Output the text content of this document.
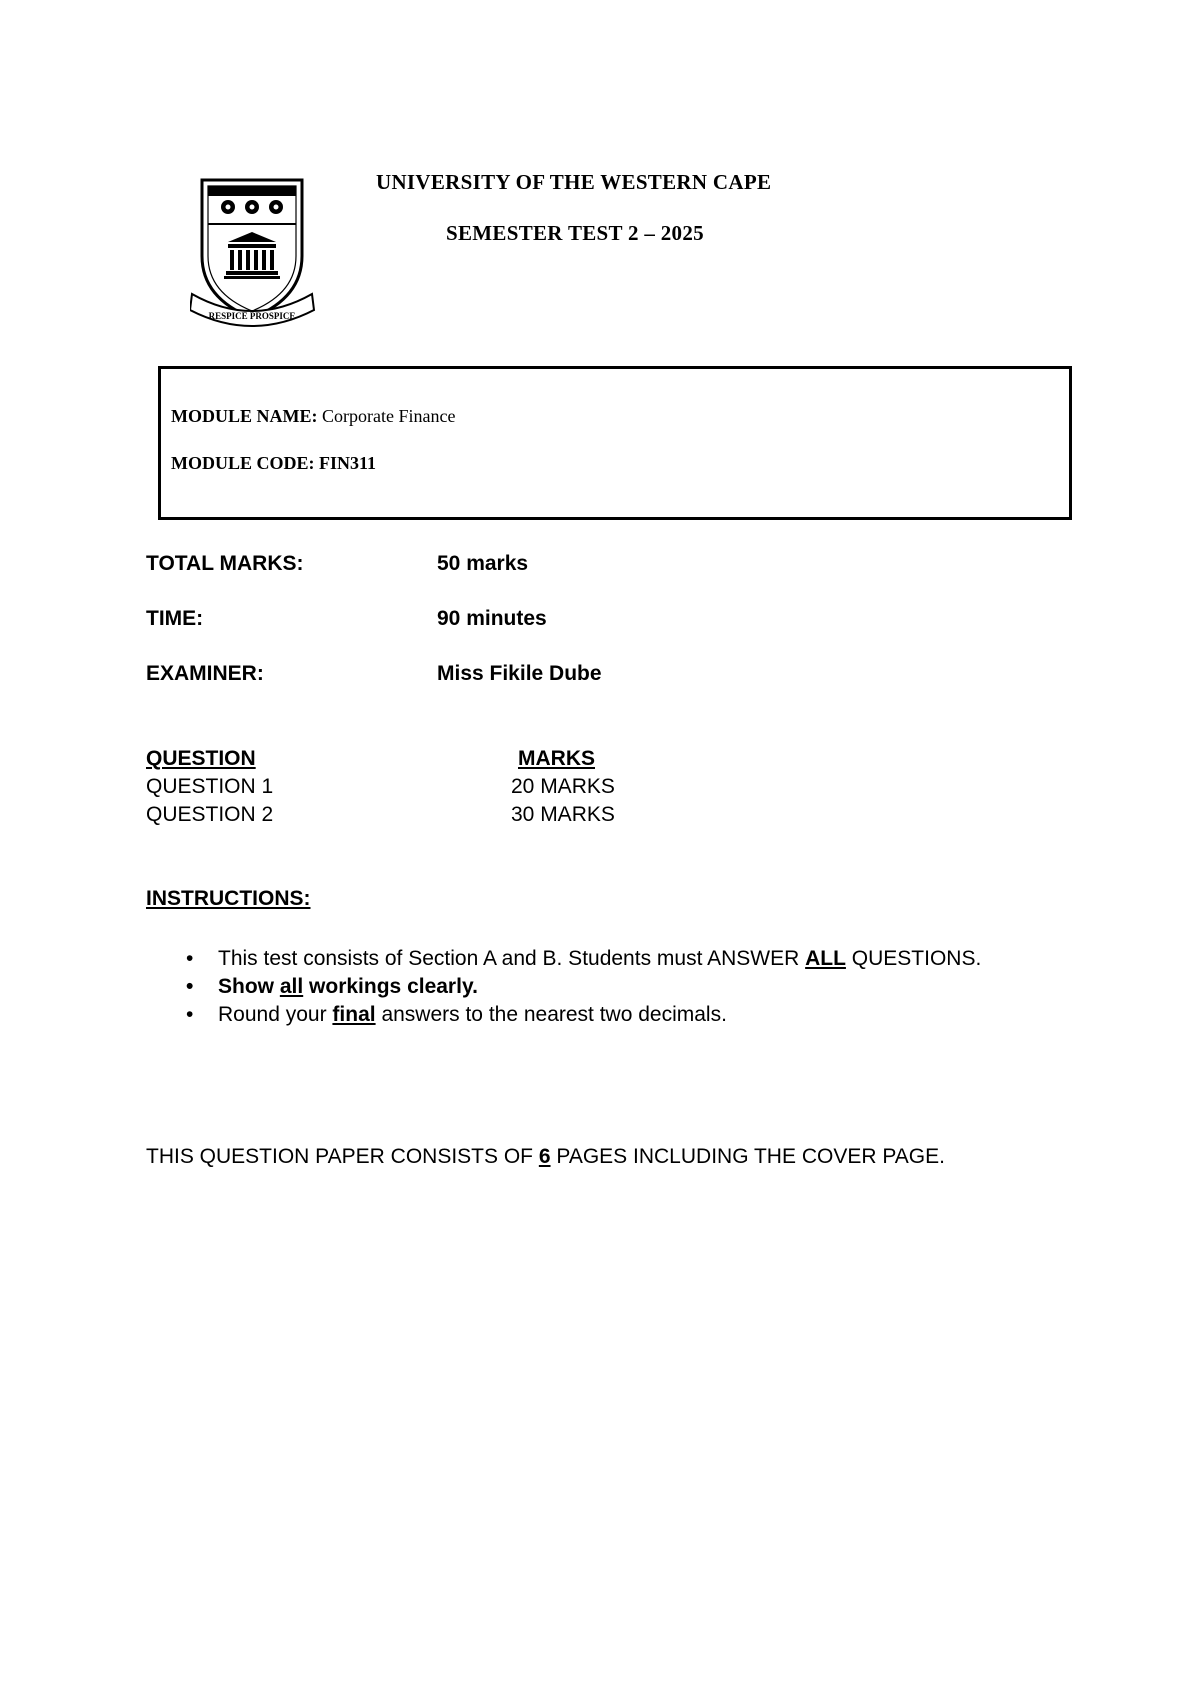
RESPICE PROSPICE
UNIVERSITY OF THE WESTERN CAPE
SEMESTER TEST 2 – 2025
MODULE NAME: Corporate Finance
MODULE CODE: FIN311
TOTAL MARKS:	50 marks
TIME:	90 minutes
EXAMINER:	Miss Fikile Dube
QUESTION	MARKS
QUESTION 1	20 MARKS
QUESTION 2	30 MARKS
INSTRUCTIONS:
• This test consists of Section A and B. Students must ANSWER ALL QUESTIONS.
• Show all workings clearly.
• Round your final answers to the nearest two decimals.
THIS QUESTION PAPER CONSISTS OF 6 PAGES INCLUDING THE COVER PAGE.
